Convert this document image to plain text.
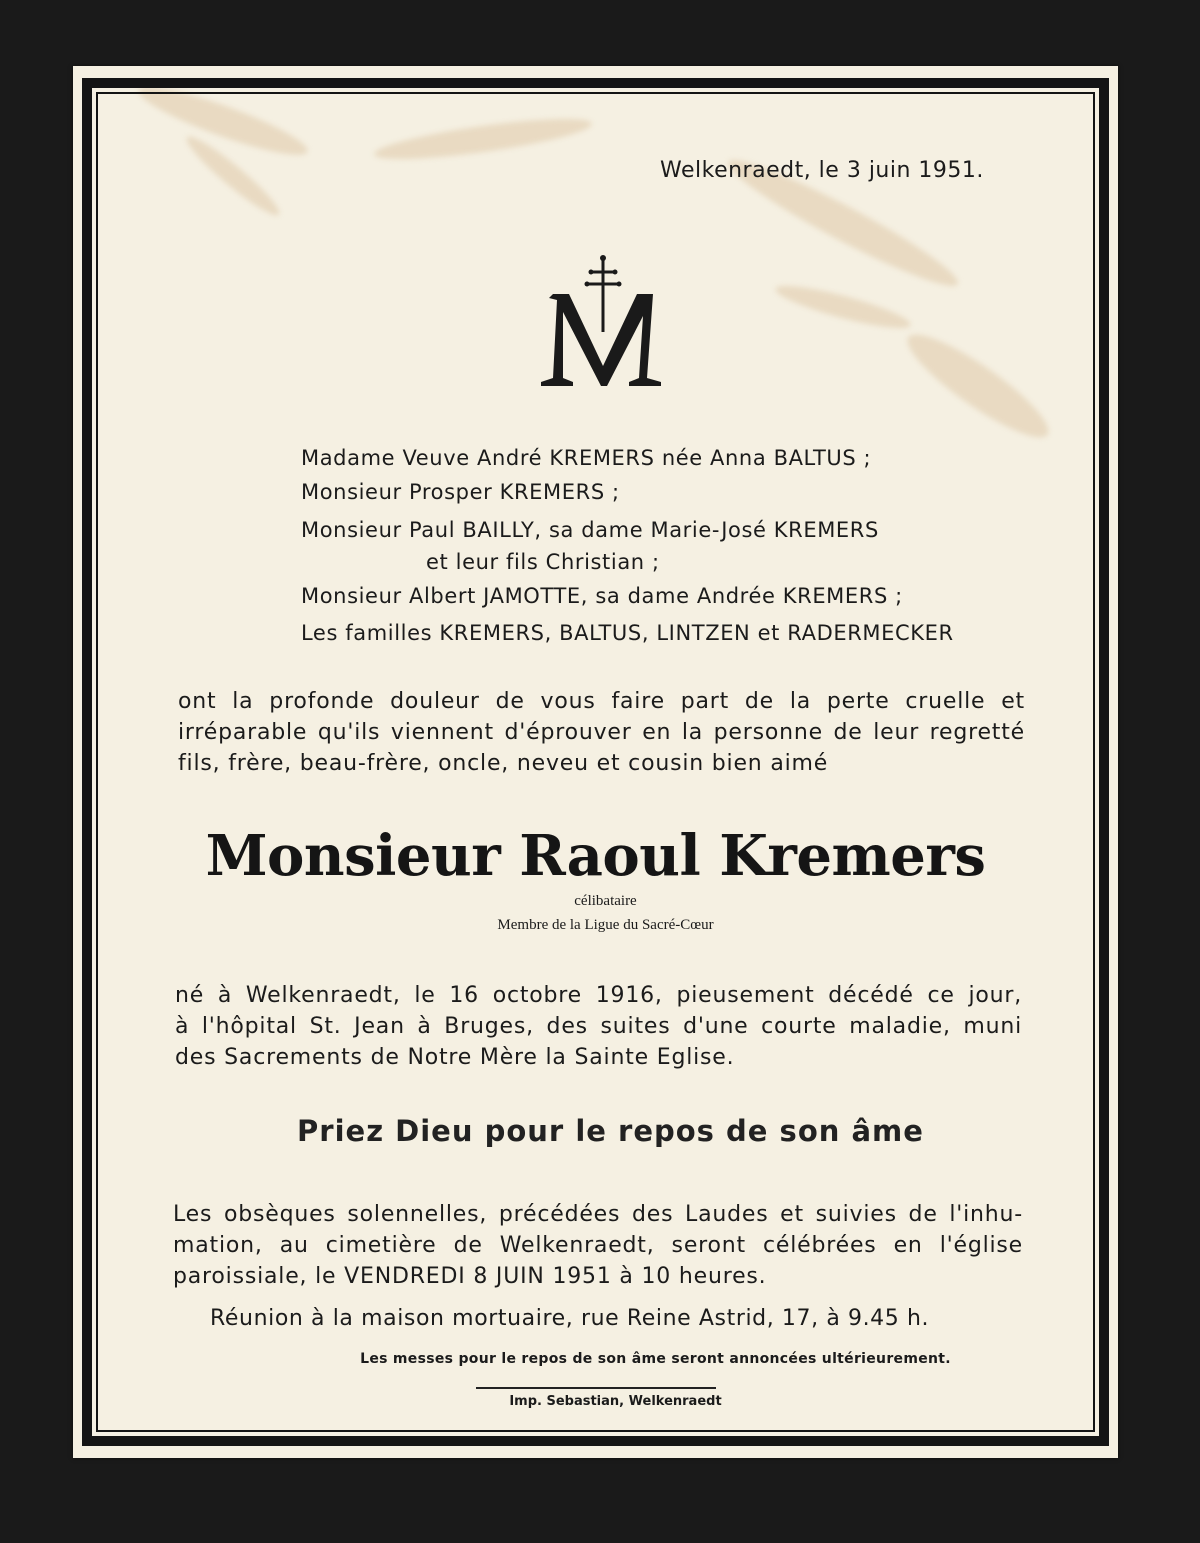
Welkenraedt, le 3 juin 1951.
Madame Veuve André KREMERS née Anna BALTUS ;
Monsieur Prosper KREMERS ;
Monsieur Paul BAILLY, sa dame Marie-José KREMERS
et leur fils Christian ;
Monsieur Albert JAMOTTE, sa dame Andrée KREMERS ;
Les familles KREMERS, BALTUS, LINTZEN et RADERMECKER
ont la profonde douleur de vous faire part de la perte cruelle et
irréparable qu'ils viennent d'éprouver en la personne de leur regretté
fils, frère, beau-frère, oncle, neveu et cousin bien aimé
Monsieur Raoul Kremers
célibataire
Membre de la Ligue du Sacré-Cœur
né à Welkenraedt, le 16 octobre 1916, pieusement décédé ce jour,
à l'hôpital St. Jean à Bruges, des suites d'une courte maladie, muni
des Sacrements de Notre Mère la Sainte Eglise.
Priez Dieu pour le repos de son âme
Les obsèques solennelles, précédées des Laudes et suivies de l'inhu-
mation, au cimetière de Welkenraedt, seront célébrées en l'église
paroissiale, le VENDREDI 8 JUIN 1951 à 10 heures.
Réunion à la maison mortuaire, rue Reine Astrid, 17, à 9.45 h.
Les messes pour le repos de son âme seront annoncées ultérieurement.
Imp. Sebastian, Welkenraedt
